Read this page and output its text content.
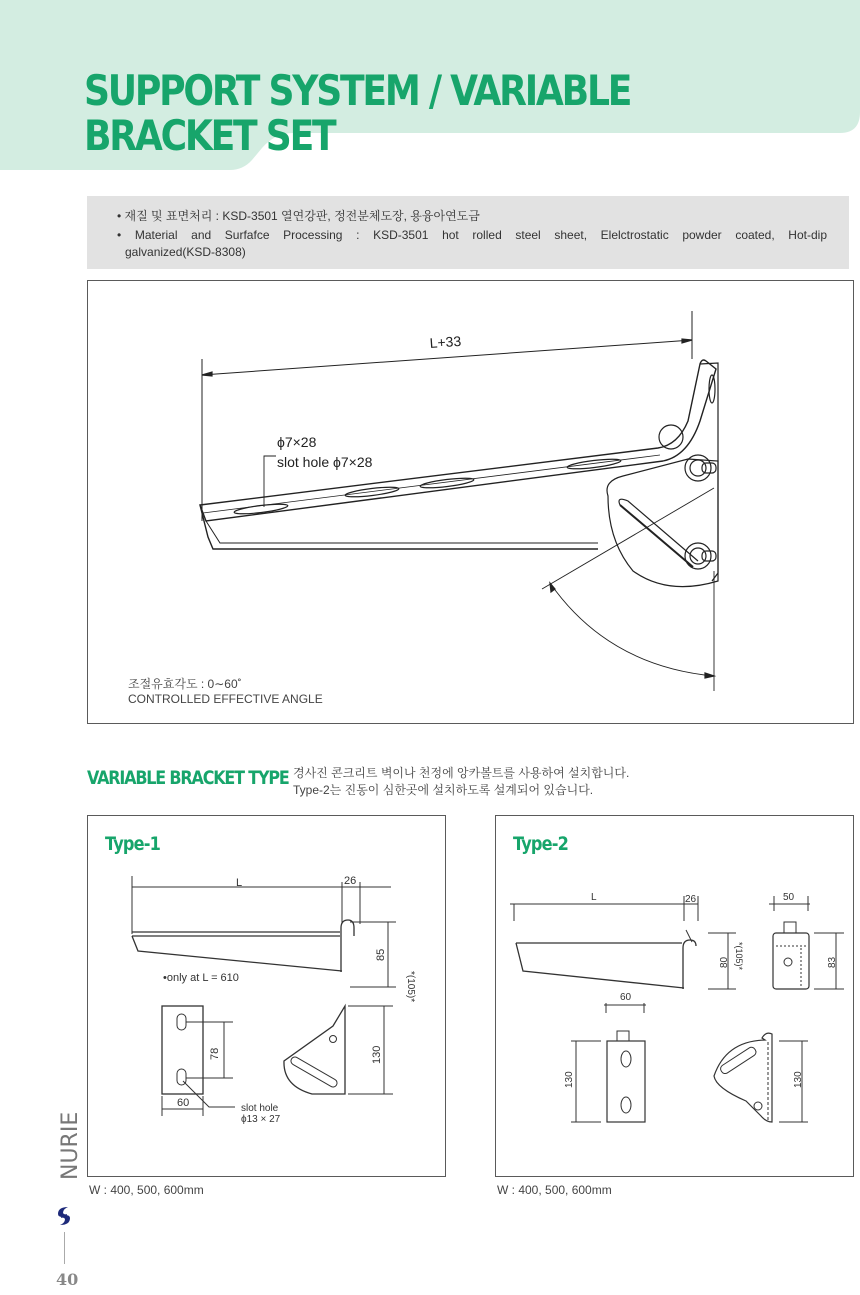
SUPPORT SYSTEM / VARIABLE
BRACKET SET
• 재질 및 표면처리 : KSD-3501 열연강판, 정전분체도장, 용융아연도금
• Material and Surfafce Processing : KSD-3501 hot rolled steel sheet, Elelctrostatic powder coated, Hot-dip
galvanized(KSD-8308)
L+33
ϕ7×28
slot hole ϕ7×28
조절유효각도 : 0∼60˚
CONTROLLED EFFECTIVE ANGLE
VARIABLE BRACKET TYPE 경사진 콘크리트 벽이나 천정에 앙카볼트를 사용하여 설치합니다.
Type-2는 진동이 심한곳에 설치하도록 설계되어 있습니다.
Type-1
L	26
85
*(105)*
•only at L = 610
78
60	slot hole
ϕ13 × 27
130
W : 400, 500, 600mm
Type-2
L	26
80 *(105)*
50
83
60
130	130
W : 400, 500, 600mm
NURIE
40
